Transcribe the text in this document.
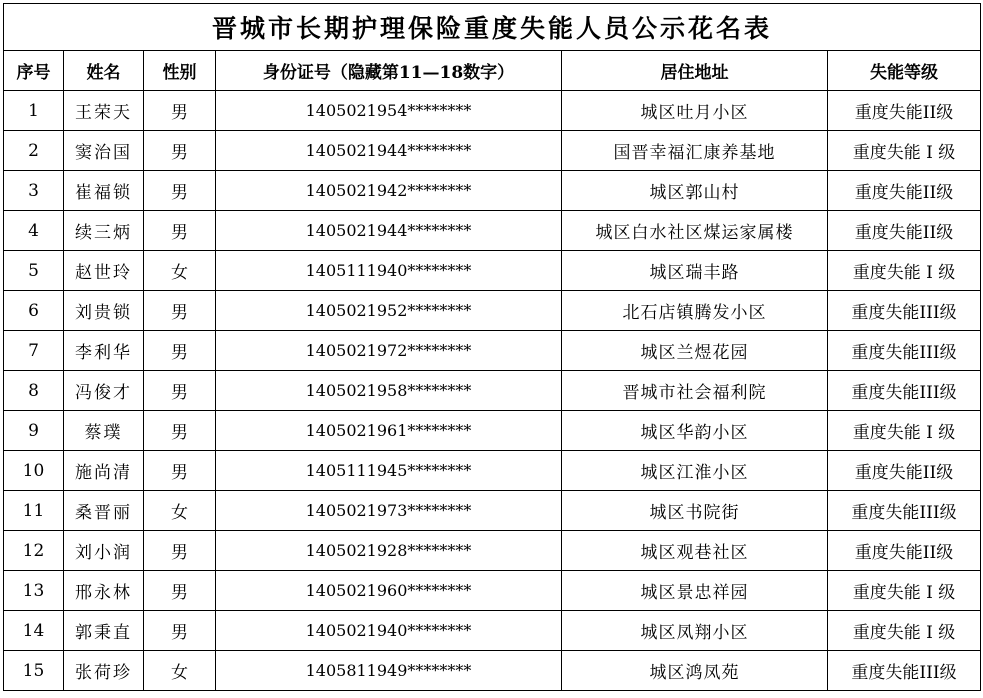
晋城市长期护理保险重度失能人员公示花名表					
序号	姓名	性别	身份证号（隐藏第11—18数字）	居住地址	失能等级
1	王荣天	男	1405021954********	城区吐月小区	重度失能II级
2	窦治国	男	1405021944********	国晋幸福汇康养基地	重度失能 I 级
3	崔福锁	男	1405021942********	城区郭山村	重度失能II级
4	续三炳	男	1405021944********	城区白水社区煤运家属楼	重度失能II级
5	赵世玲	女	1405111940********	城区瑞丰路	重度失能 I 级
6	刘贵锁	男	1405021952********	北石店镇腾发小区	重度失能III级
7	李利华	男	1405021972********	城区兰煜花园	重度失能III级
8	冯俊才	男	1405021958********	晋城市社会福利院	重度失能III级
9	蔡璞	男	1405021961********	城区华韵小区	重度失能 I 级
10	施尚清	男	1405111945********	城区江淮小区	重度失能II级
11	桑晋丽	女	1405021973********	城区书院街	重度失能III级
12	刘小润	男	1405021928********	城区观巷社区	重度失能II级
13	邢永林	男	1405021960********	城区景忠祥园	重度失能 I 级
14	郭秉直	男	1405021940********	城区凤翔小区	重度失能 I 级
15	张荷珍	女	1405811949********	城区鸿凤苑	重度失能III级
